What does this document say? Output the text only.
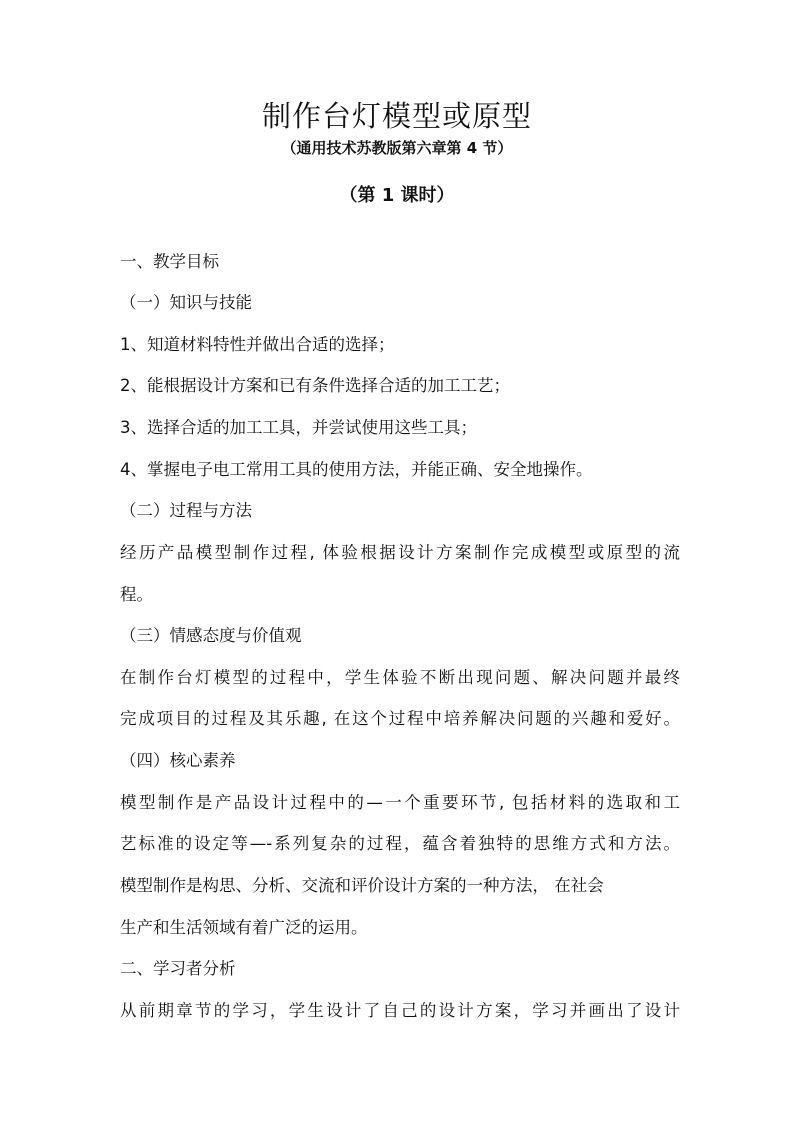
制作台灯模型或原型
（通用技术苏教版第六章第 4 节）
（第 1 课时）
一、教学目标
（一）知识与技能
1、知道材料特性并做出合适的选择；
2、能根据设计方案和已有条件选择合适的加工工艺；
3、选择合适的加工工具，并尝试使用这些工具；
4、掌握电子电工常用工具的使用方法，并能正确、安全地操作。
（二）过程与方法
经历产品模型制作过程, 体验根据设计方案制作完成模型或原型的流
程。
（三）情感态度与价值观
在制作台灯模型的过程中，学生体验不断出现问题、解决问题并最终
完成项目的过程及其乐趣, 在这个过程中培养解决问题的兴趣和爱好。
（四）核心素养
模型制作是产品设计过程中的—一个重要环节, 包括材料的选取和工
艺标准的设定等—-系列复杂的过程，蕴含着独特的思维方式和方法。
模型制作是构思、分析、交流和评价设计方案的一种方法， 在社会
生产和生活领域有着广泛的运用。
二、学习者分析
从前期章节的学习，学生设计了自己的设计方案，学习并画出了设计
